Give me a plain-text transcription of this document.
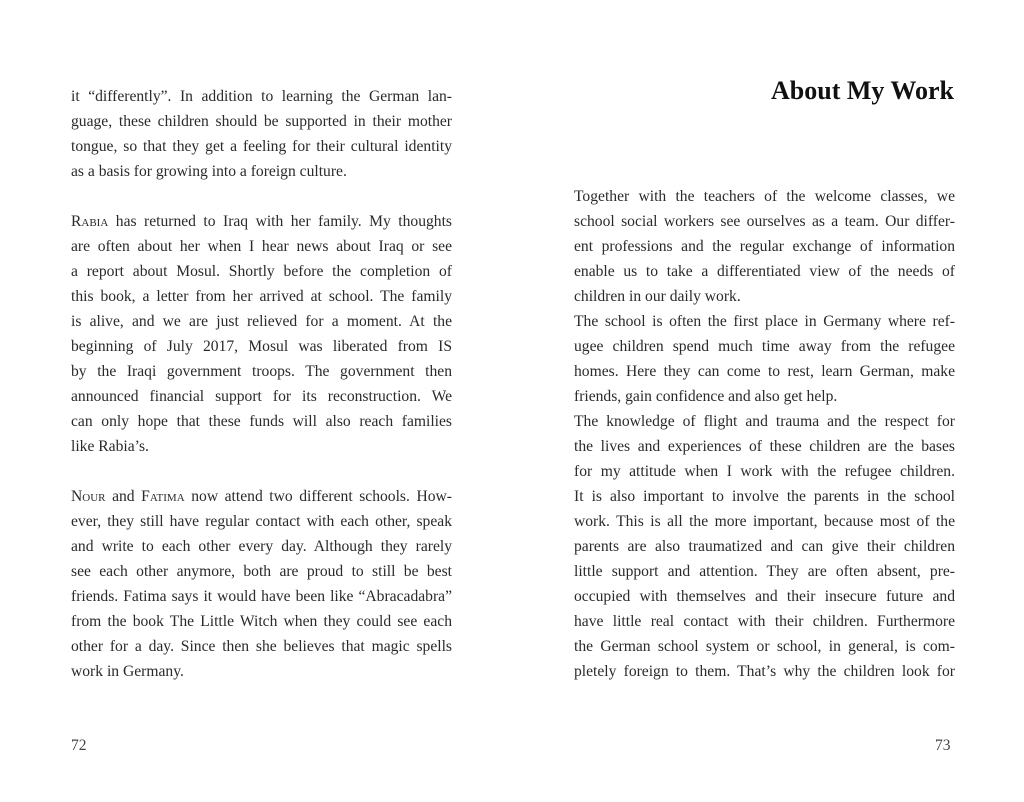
it “differently”. In addition to learning the German lan-
guage, these children should be supported in their mother
tongue, so that they get a feeling for their cultural identity
as a basis for growing into a foreign culture.
Rabia has returned to Iraq with her family. My thoughts
are often about her when I hear news about Iraq or see
a report about Mosul. Shortly before the completion of
this book, a letter from her arrived at school. The family
is alive, and we are just relieved for a moment. At the
beginning of July 2017, Mosul was liberated from IS
by the Iraqi government troops. The government then
announced financial support for its reconstruction. We
can only hope that these funds will also reach families
like Rabia’s.
Nour and Fatima now attend two different schools. How-
ever, they still have regular contact with each other, speak
and write to each other every day. Although they rarely
see each other anymore, both are proud to still be best
friends. Fatima says it would have been like “Abracadabra”
from the book The Little Witch when they could see each
other for a day. Since then she believes that magic spells
work in Germany.
72
About My Work
Together with the teachers of the welcome classes, we
school social workers see ourselves as a team. Our differ-
ent professions and the regular exchange of information
enable us to take a differentiated view of the needs of
children in our daily work.
The school is often the first place in Germany where ref-
ugee children spend much time away from the refugee
homes. Here they can come to rest, learn German, make
friends, gain confidence and also get help.
The knowledge of flight and trauma and the respect for
the lives and experiences of these children are the bases
for my attitude when I work with the refugee children.
It is also important to involve the parents in the school
work. This is all the more important, because most of the
parents are also traumatized and can give their children
little support and attention. They are often absent, pre-
occupied with themselves and their insecure future and
have little real contact with their children. Furthermore
the German school system or school, in general, is com-
pletely foreign to them. That’s why the children look for
73
